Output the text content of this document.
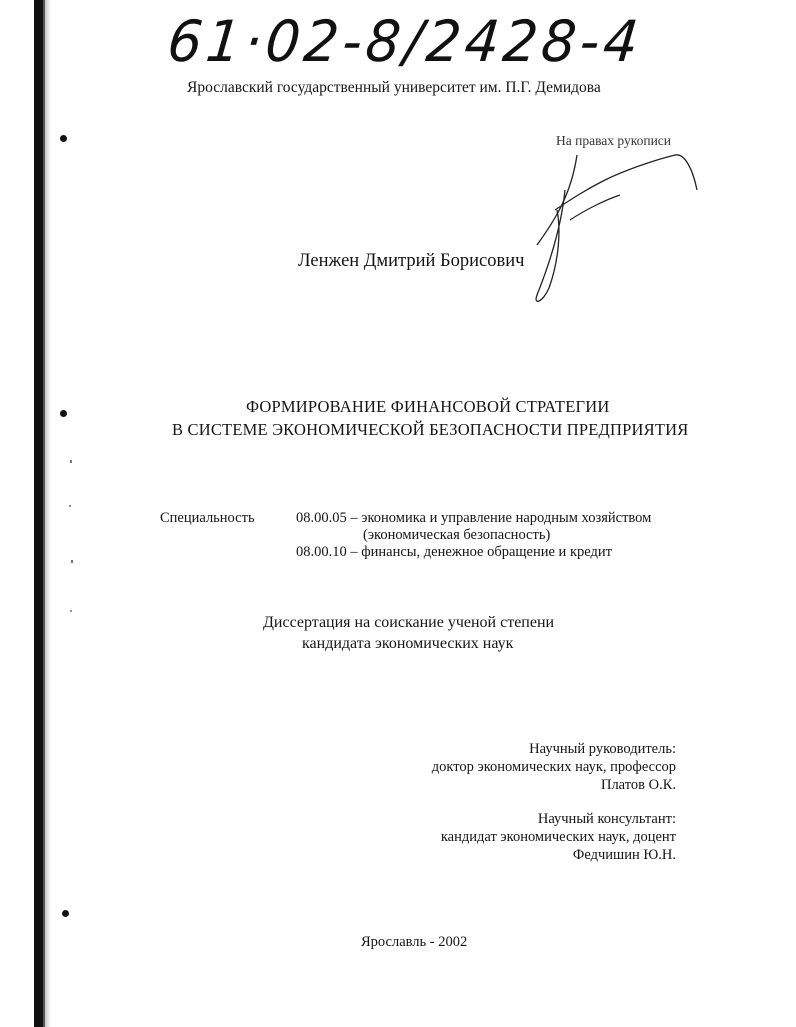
61·02-8/2428-4
Ярославский государственный университет им. П.Г. Демидова
На правах рукописи
Ленжен Дмитрий Борисович
ФОРМИРОВАНИЕ ФИНАНСОВОЙ СТРАТЕГИИ
В СИСТЕМЕ ЭКОНОМИЧЕСКОЙ БЕЗОПАСНОСТИ ПРЕДПРИЯТИЯ
Специальность	08.00.05 – экономика и управление народным хозяйством
(экономическая безопасность)
08.00.10 – финансы, денежное обращение и кредит
Диссертация на соискание ученой степени
кандидата экономических наук
Научный руководитель:
доктор экономических наук, профессор
Платов О.К.
Научный консультант:
кандидат экономических наук, доцент
Федчишин Ю.Н.
Ярославль - 2002
